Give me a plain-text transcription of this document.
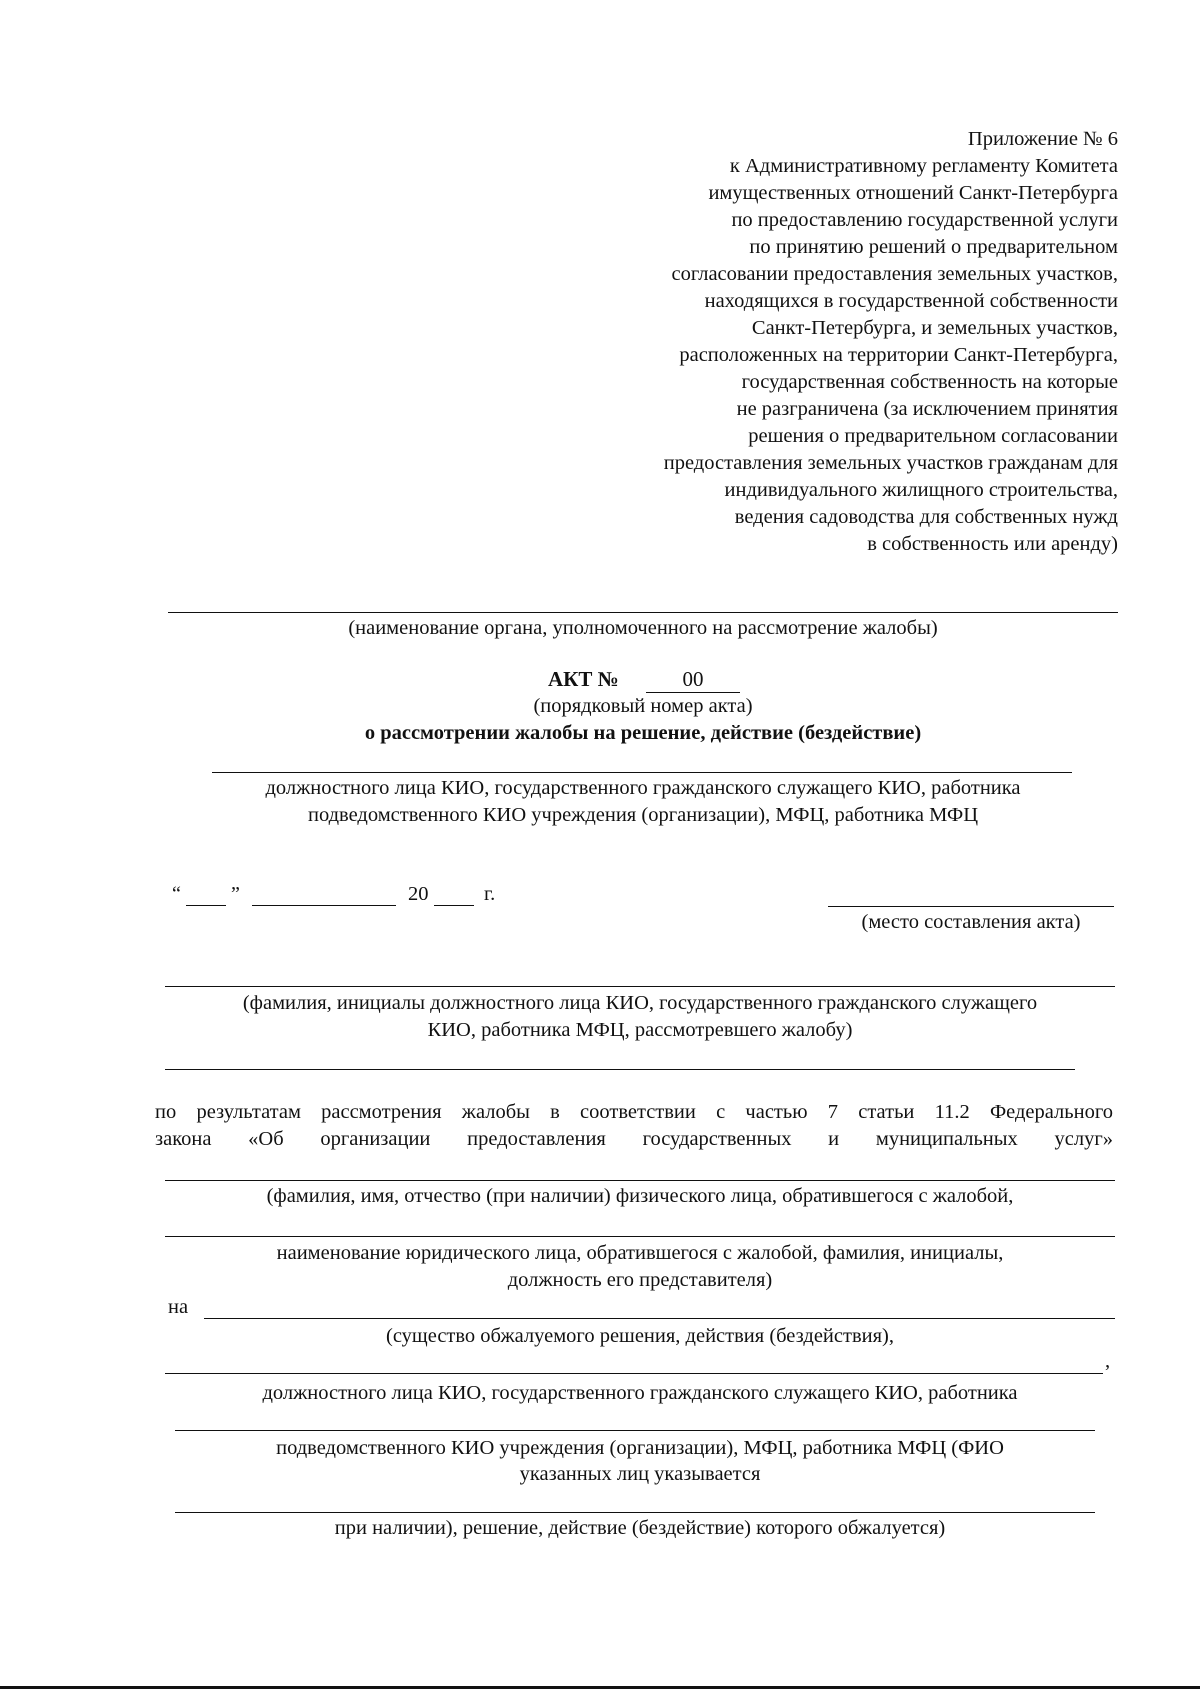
Приложение № 6
к Административному регламенту Комитета
имущественных отношений Санкт-Петербурга
по предоставлению государственной услуги
по принятию решений о предварительном
согласовании предоставления земельных участков,
находящихся в государственной собственности
Санкт-Петербурга, и земельных участков,
расположенных на территории Санкт-Петербурга,
государственная собственность на которые
не разграничена (за исключением принятия
решения о предварительном согласовании
предоставления земельных участков гражданам для
индивидуального жилищного строительства,
ведения садоводства для собственных нужд
в собственность или аренду)
(наименование органа, уполномоченного на рассмотрение жалобы)
АКТ №	00
(порядковый номер акта)
о рассмотрении жалобы на решение, действие (бездействие)
должностного лица КИО, государственного гражданского служащего КИО, работника
подведомственного КИО учреждения (организации), МФЦ, работника МФЦ
“	”	20	г.
(место составления акта)
(фамилия, инициалы должностного лица КИО, государственного гражданского служащего
КИО, работника МФЦ, рассмотревшего жалобу)
по результатам рассмотрения жалобы в соответствии с частью 7 статьи 11.2 Федерального
закона «Об организации предоставления государственных и муниципальных услуг»
(фамилия, имя, отчество (при наличии) физического лица, обратившегося с жалобой,
наименование юридического лица, обратившегося с жалобой, фамилия, инициалы,
должность его представителя)
на
(существо обжалуемого решения, действия (бездействия),
,
должностного лица КИО, государственного гражданского служащего КИО, работника
подведомственного КИО учреждения (организации), МФЦ, работника МФЦ (ФИО
указанных лиц указывается
при наличии), решение, действие (бездействие) которого обжалуется)
